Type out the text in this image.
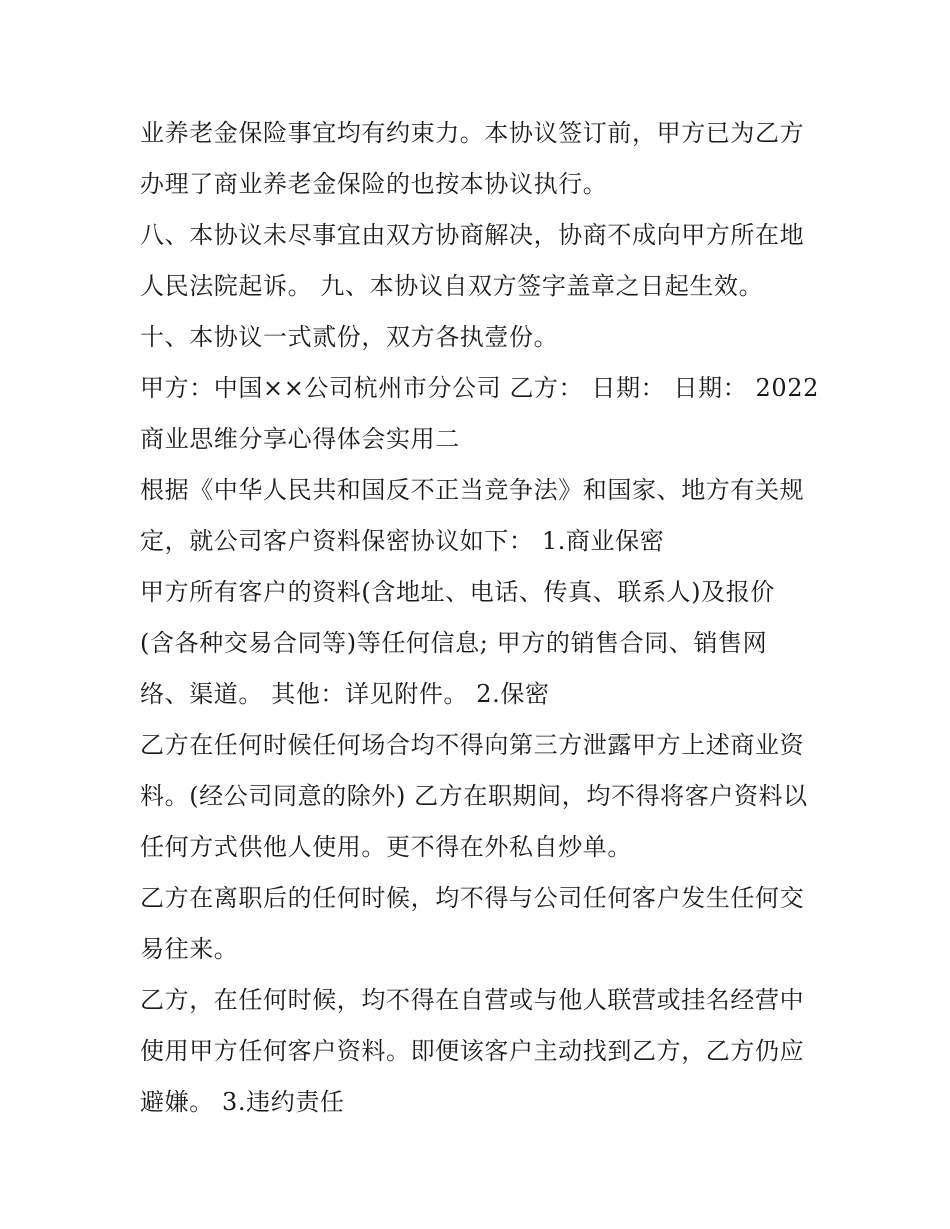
业养老金保险事宜均有约束力。本协议签订前，甲方已为乙方
办理了商业养老金保险的也按本协议执行。
八、本协议未尽事宜由双方协商解决，协商不成向甲方所在地
人民法院起诉。 九、本协议自双方签字盖章之日起生效。
十、本协议一式贰份，双方各执壹份。
甲方：中国××公司杭州市分公司 乙方： 日期： 日期： 2022
商业思维分享心得体会实用二
根据《中华人民共和国反不正当竞争法》和国家、地方有关规
定，就公司客户资料保密协议如下： 1.商业保密
甲方所有客户的资料(含地址、电话、传真、联系人)及报价
(含各种交易合同等)等任何信息; 甲方的销售合同、销售网
络、渠道。 其他：详见附件。 2.保密
乙方在任何时候任何场合均不得向第三方泄露甲方上述商业资
料。(经公司同意的除外) 乙方在职期间，均不得将客户资料以
任何方式供他人使用。更不得在外私自炒单。
乙方在离职后的任何时候，均不得与公司任何客户发生任何交
易往来。
乙方，在任何时候，均不得在自营或与他人联营或挂名经营中
使用甲方任何客户资料。即便该客户主动找到乙方，乙方仍应
避嫌。 3.违约责任
